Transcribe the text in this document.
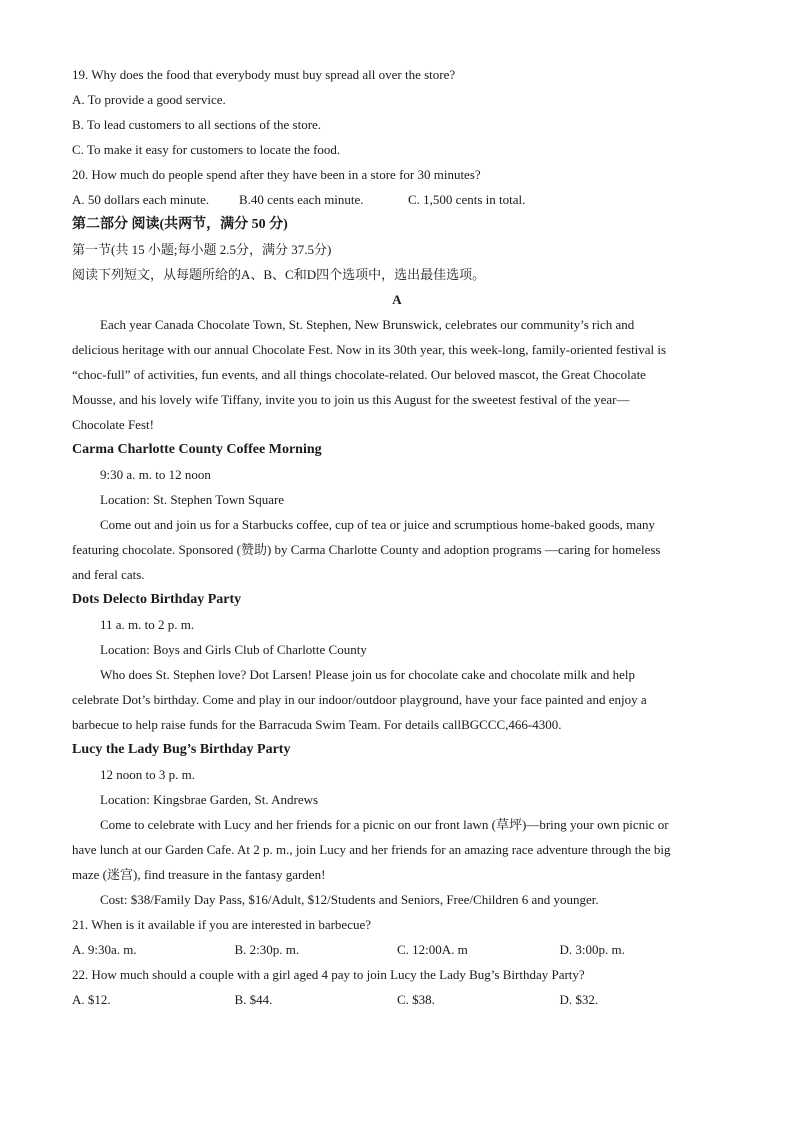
19. Why does the food that everybody must buy spread all over the store?
A. To provide a good service.
B. To lead customers to all sections of the store.
C. To make it easy for customers to locate the food.
20. How much do people spend after they have been in a store for 30 minutes?
A. 50 dollars each minute.	B.40 cents each minute.	C. 1,500 cents in total.
第二部分 阅读(共两节，满分 50 分)
第一节(共 15 小题;每小题 2.5分，满分 37.5分)
阅读下列短文，从每题所给的A、B、C和D四个选项中，选出最佳选项。
A
Each year Canada Chocolate Town, St. Stephen, New Brunswick, celebrates our community’s rich and
delicious heritage with our annual Chocolate Fest. Now in its 30th year, this week-long, family-oriented festival is
“choc-full” of activities, fun events, and all things chocolate-related. Our beloved mascot, the Great Chocolate
Mousse, and his lovely wife Tiffany, invite you to join us this August for the sweetest festival of the year—
Chocolate Fest!
Carma Charlotte County Coffee Morning
9:30 a. m. to 12 noon
Location: St. Stephen Town Square
Come out and join us for a Starbucks coffee, cup of tea or juice and scrumptious home-baked goods, many
featuring chocolate. Sponsored (赞助) by Carma Charlotte County and adoption programs —caring for homeless
and feral cats.
Dots Delecto Birthday Party
11 a. m. to 2 p. m.
Location: Boys and Girls Club of Charlotte County
Who does St. Stephen love? Dot Larsen! Please join us for chocolate cake and chocolate milk and help
celebrate Dot’s birthday. Come and play in our indoor/outdoor playground, have your face painted and enjoy a
barbecue to help raise funds for the Barracuda Swim Team. For details callBGCCC,466-4300.
Lucy the Lady Bug’s Birthday Party
12 noon to 3 p. m.
Location: Kingsbrae Garden, St. Andrews
Come to celebrate with Lucy and her friends for a picnic on our front lawn (草坪)—bring your own picnic or
have lunch at our Garden Cafe. At 2 p. m., join Lucy and her friends for an amazing race adventure through the big
maze (迷宫), find treasure in the fantasy garden!
Cost: $38/Family Day Pass, $16/Adult, $12/Students and Seniors, Free/Children 6 and younger.
21. When is it available if you are interested in barbecue?
A. 9:30a. m.	B. 2:30p. m.	C. 12:00A. m	D. 3:00p. m.
22. How much should a couple with a girl aged 4 pay to join Lucy the Lady Bug’s Birthday Party?
A. $12.	B. $44.	C. $38.	D. $32.
